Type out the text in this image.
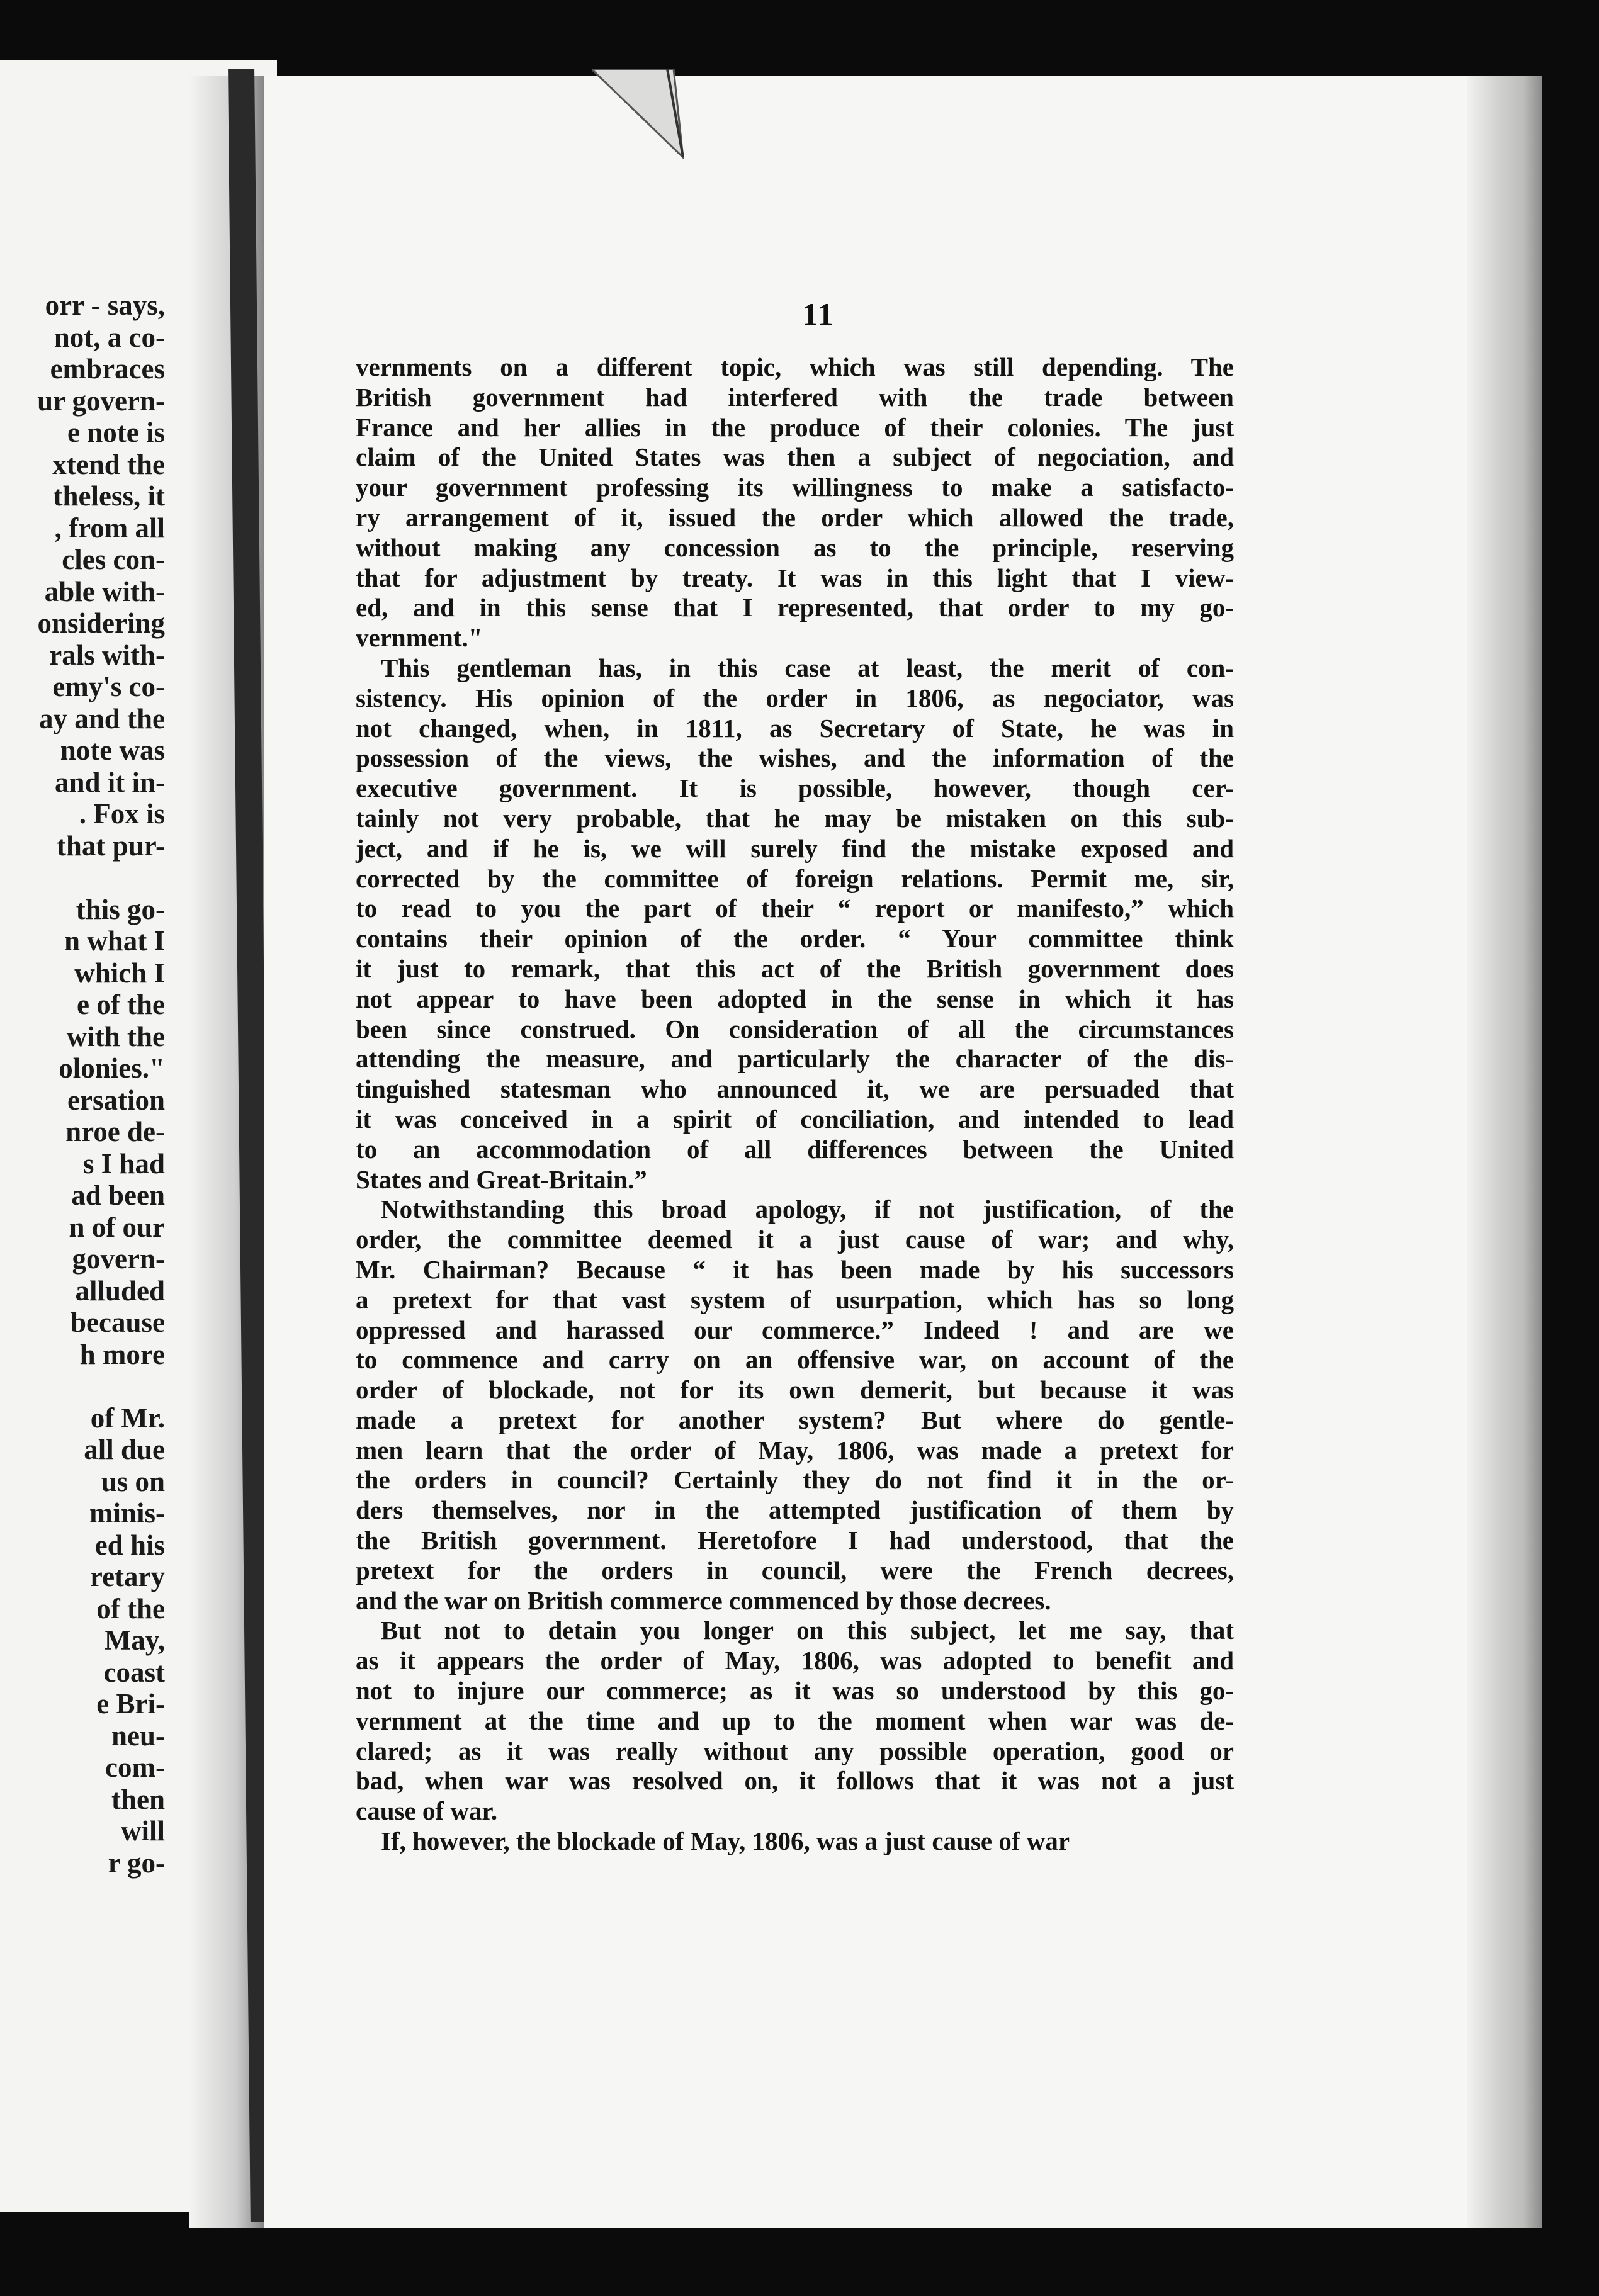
orr - says,
not, a co-
embraces
ur govern-
e note is
xtend the
theless, it
, from all
cles con-
able with-
onsidering
rals with-
emy's co-
ay and the
note was
and it in-
. Fox is
that pur-
this go-
n what I
which I
e of the
with the
olonies."
ersation
nroe de-
s I had
ad been
n of our
govern-
alluded
because
h more
of Mr.
all due
us on
minis-
ed his
retary
of the
May,
coast
e Bri-
neu-
com-
then
will
r go-
11
vernments on a different topic, which was still depending. The
British government had interfered with the trade between
France and her allies in the produce of their colonies. The just
claim of the United States was then a subject of negociation, and
your government professing its willingness to make a satisfacto-
ry arrangement of it, issued the order which allowed the trade,
without making any concession as to the principle, reserving
that for adjustment by treaty. It was in this light that I view-
ed, and in this sense that I represented, that order to my go-
vernment."
This gentleman has, in this case at least, the merit of con-
sistency. His opinion of the order in 1806, as negociator, was
not changed, when, in 1811, as Secretary of State, he was in
possession of the views, the wishes, and the information of the
executive government. It is possible, however, though cer-
tainly not very probable, that he may be mistaken on this sub-
ject, and if he is, we will surely find the mistake exposed and
corrected by the committee of foreign relations. Permit me, sir,
to read to you the part of their “ report or manifesto,” which
contains their opinion of the order. “ Your committee think
it just to remark, that this act of the British government does
not appear to have been adopted in the sense in which it has
been since construed. On consideration of all the circumstances
attending the measure, and particularly the character of the dis-
tinguished statesman who announced it, we are persuaded that
it was conceived in a spirit of conciliation, and intended to lead
to an accommodation of all differences between the United
States and Great-Britain.”
Notwithstanding this broad apology, if not justification, of the
order, the committee deemed it a just cause of war; and why,
Mr. Chairman? Because “ it has been made by his successors
a pretext for that vast system of usurpation, which has so long
oppressed and harassed our commerce.” Indeed ! and are we
to commence and carry on an offensive war, on account of the
order of blockade, not for its own demerit, but because it was
made a pretext for another system? But where do gentle-
men learn that the order of May, 1806, was made a pretext for
the orders in council? Certainly they do not find it in the or-
ders themselves, nor in the attempted justification of them by
the British government. Heretofore I had understood, that the
pretext for the orders in council, were the French decrees,
and the war on British commerce commenced by those decrees.
But not to detain you longer on this subject, let me say, that
as it appears the order of May, 1806, was adopted to benefit and
not to injure our commerce; as it was so understood by this go-
vernment at the time and up to the moment when war was de-
clared; as it was really without any possible operation, good or
bad, when war was resolved on, it follows that it was not a just
cause of war.
If, however, the blockade of May, 1806, was a just cause of war
